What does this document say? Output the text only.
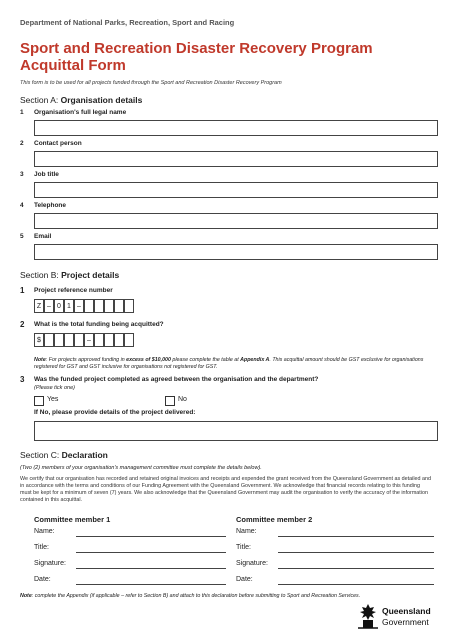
Department of National Parks, Recreation, Sport and Racing
Sport and Recreation Disaster Recovery Program Acquittal Form
This form is to be used for all projects funded through the Sport and Recreation Disaster Recovery Program
Section A: Organisation details
1 Organisation's full legal name
2 Contact person
3 Job title
4 Telephone
5 Email
Section B: Project details
1 Project reference number
Z – 0 1 –
2 What is the total funding being acquitted?
$	–
Note: For projects approved funding in excess of $10,000 please complete the table at Appendix A. This acquittal amount should be GST exclusive for organisations registered for GST and GST inclusive for organisations not registered for GST.
3 Was the funded project completed as agreed between the organisation and the department?
(Please tick one)
Yes	No
If No, please provide details of the project delivered:
Section C: Declaration
(Two (2) members of your organisation's management committee must complete the details below).
We certify that our organisation has recorded and retained original invoices and receipts and expended the grant received from the Queensland Government as detailed and in accordance with the terms and conditions of our Funding Agreement with the Queensland Government. We acknowledge that financial records relating to this funding must be kept for a minimum of seven (7) years. We also acknowledge that the Queensland Government may audit the organisation to verify the accuracy of the information contained in this acquittal.
Committee member 1	Committee member 2
Name:	Name:
Title:	Title:
Signature:	Signature:
Date:	Date:
Note: complete the Appendix (if applicable – refer to Section B) and attach to this declaration before submitting to Sport and Recreation Services.
Queensland
Government
